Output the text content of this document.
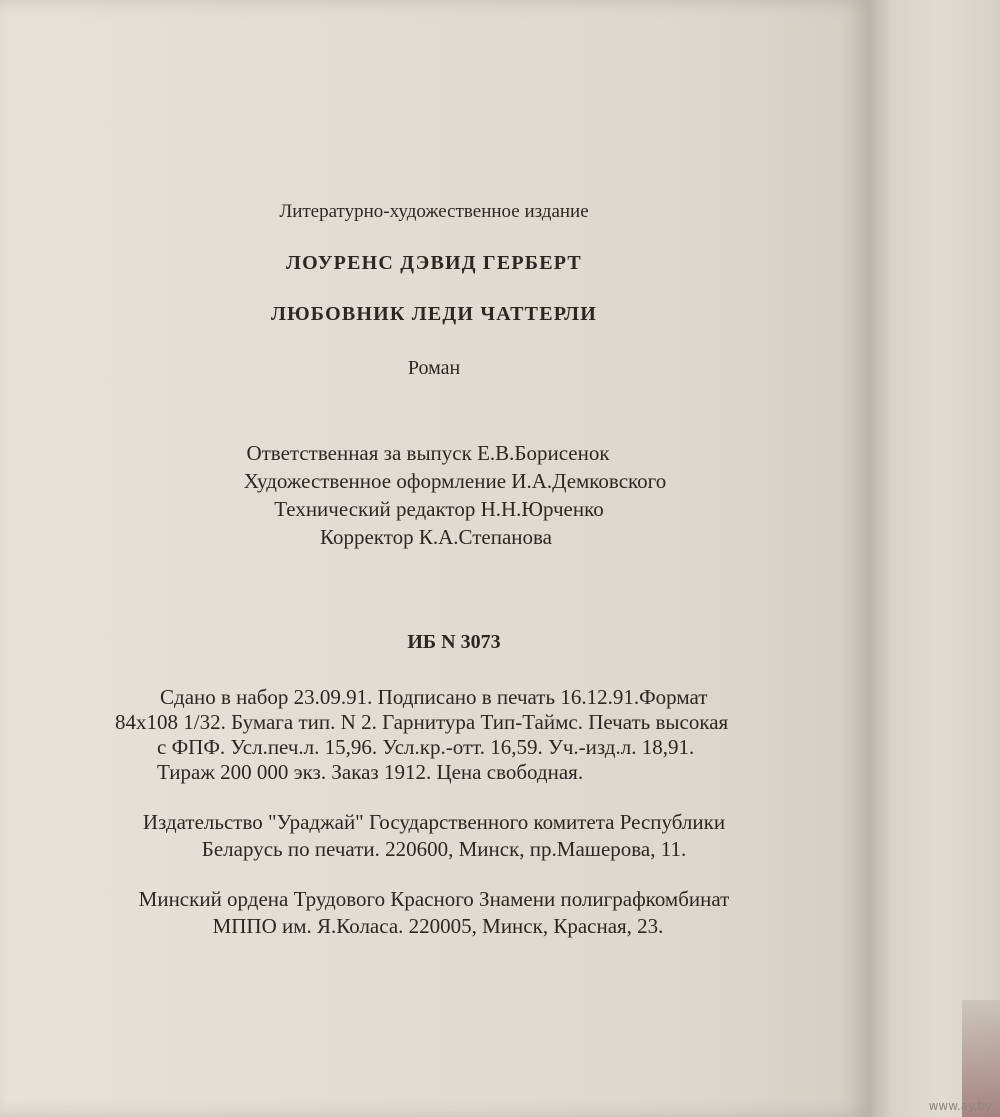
Литературно-художественное издание
ЛОУРЕНС ДЭВИД ГЕРБЕРТ
ЛЮБОВНИК ЛЕДИ ЧАТТЕРЛИ
Роман
Ответственная за выпуск Е.В.Борисенок
Художественное оформление И.А.Демковского
Технический редактор Н.Н.Юрченко
Корректор К.А.Степанова
ИБ N 3073
Сдано в набор 23.09.91. Подписано в печать 16.12.91.Формат
84x108 1/32. Бумага тип. N 2. Гарнитура Тип-Таймс. Печать высокая
с ФПФ. Усл.печ.л. 15,96. Усл.кр.-отт. 16,59. Уч.-изд.л. 18,91.
Тираж 200 000 экз. Заказ 1912. Цена свободная.
Издательство "Ураджай" Государственного комитета Республики
Беларусь по печати. 220600, Минск, пр.Машерова, 11.
Минский ордена Трудового Красного Знамени полиграфкомбинат
МППО им. Я.Коласа. 220005, Минск, Красная, 23.
www.ay.by
